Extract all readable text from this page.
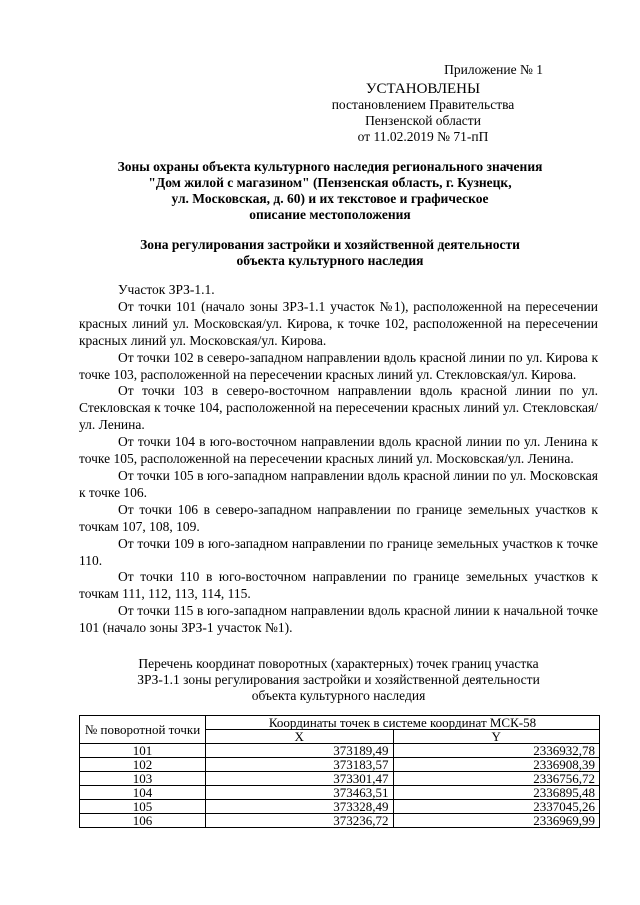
Приложение № 1
УСТАНОВЛЕНЫ
постановлением Правительства
Пензенской области
от 11.02.2019 № 71-пП
Зоны охраны объекта культурного наследия регионального значения
"Дом жилой с магазином" (Пензенская область, г. Кузнецк,
ул. Московская, д. 60) и их текстовое и графическое
описание местоположения
Зона регулирования застройки и хозяйственной деятельности
объекта культурного наследия

Участок ЗРЗ-1.1.

От точки 101 (начало зоны ЗРЗ-1.1 участок №1), расположенной на пересечении красных линий ул. Московская/ул. Кирова, к точке 102, расположенной на пересечении красных линий ул. Московская/ул. Кирова.

От точки 102 в северо-западном направлении вдоль красной линии по ул. Кирова к точке 103, расположенной на пересечении красных линий ул. Стекловская/ул. Кирова.

От точки 103 в северо-восточном направлении вдоль красной линии по ул. Стекловская к точке 104, расположенной на пересечении красных линий ул. Стекловская/ул. Ленина.

От точки 104 в юго-восточном направлении вдоль красной линии по ул. Ленина к точке 105, расположенной на пересечении красных линий ул. Московская/ул. Ленина.

От точки 105 в юго-западном направлении вдоль красной линии по ул. Московская к точке 106.

От точки 106 в северо-западном направлении по границе земельных участков к точкам 107, 108, 109.

От точки 109 в юго-западном направлении по границе земельных участков к точке 110.

От точки 110 в юго-восточном направлении по границе земельных участков к точкам 111, 112, 113, 114, 115.

От точки 115 в юго-западном направлении вдоль красной линии к начальной точке 101 (начало зоны ЗРЗ-1 участок №1).

Перечень координат поворотных (характерных) точек границ участка
ЗРЗ-1.1 зоны регулирования застройки и хозяйственной деятельности
объекта культурного наследия
№ поворотной точки	Координаты точек в системе координат МСК-58	
	X	Y
101	373189,49	2336932,78
102	373183,57	2336908,39
103	373301,47	2336756,72
104	373463,51	2336895,48
105	373328,49	2337045,26
106	373236,72	2336969,99
